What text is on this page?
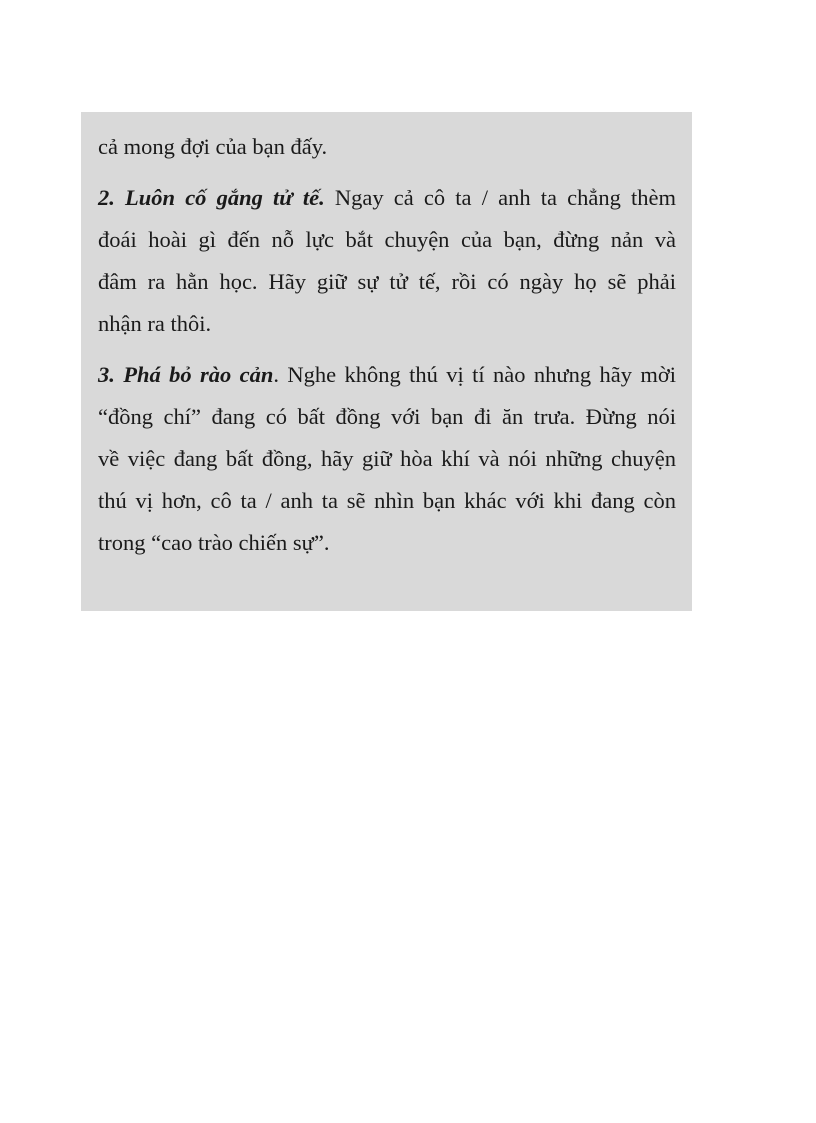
cả mong đợi của bạn đấy.
2. Luôn cố gắng tử tế. Ngay cả cô ta / anh ta chẳng thèm
đoái hoài gì đến nỗ lực bắt chuyện của bạn, đừng nản và
đâm ra hằn học. Hãy giữ sự tử tế, rồi có ngày họ sẽ phải
nhận ra thôi.
3. Phá bỏ rào cản. Nghe không thú vị tí nào nhưng hãy mời
“đồng chí” đang có bất đồng với bạn đi ăn trưa. Đừng nói
về việc đang bất đồng, hãy giữ hòa khí và nói những chuyện
thú vị hơn, cô ta / anh ta sẽ nhìn bạn khác với khi đang còn
trong “cao trào chiến sự”.
